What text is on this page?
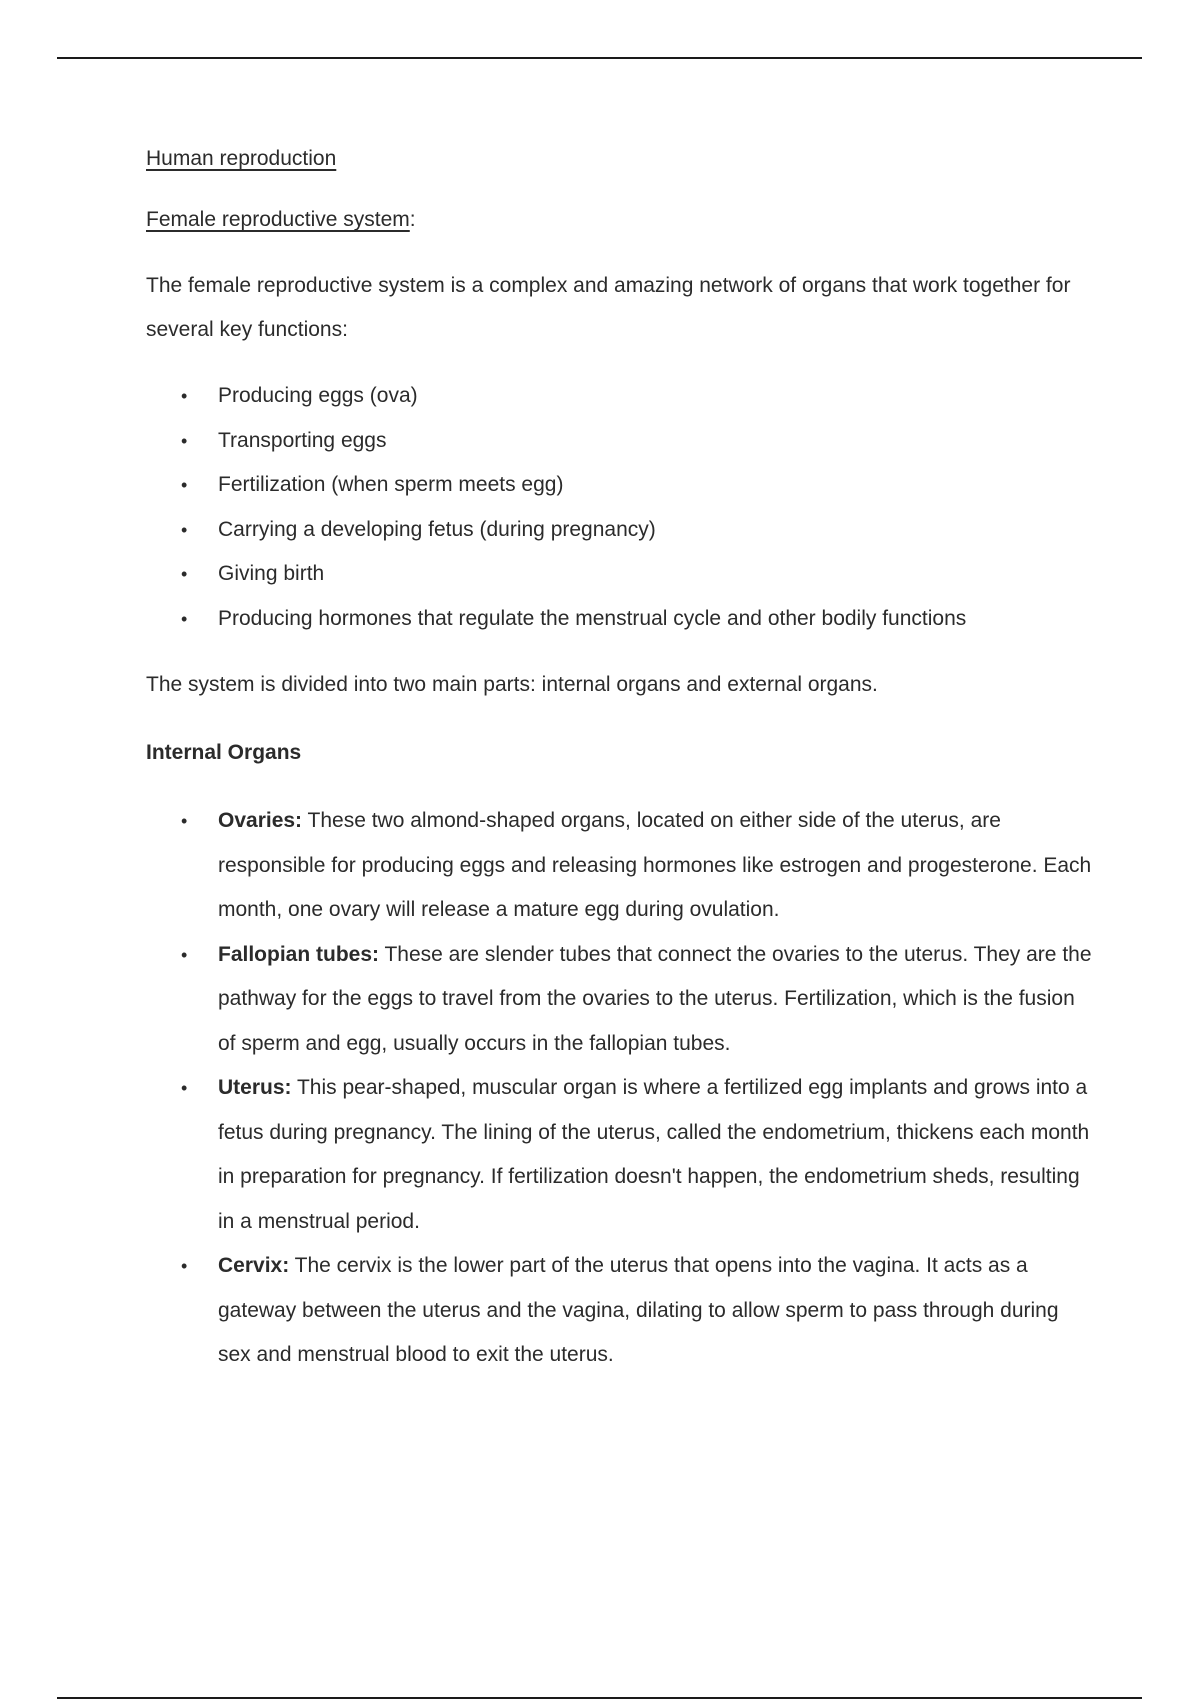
Human reproduction
Female reproductive system:

The female reproductive system is a complex and amazing network of organs that work together for several key functions:

• Producing eggs (ova)
• Transporting eggs
• Fertilization (when sperm meets egg)
• Carrying a developing fetus (during pregnancy)
• Giving birth
• Producing hormones that regulate the menstrual cycle and other bodily functions

The system is divided into two main parts: internal organs and external organs.

Internal Organs
• Ovaries: These two almond-shaped organs, located on either side of the uterus, are responsible for producing eggs and releasing hormones like estrogen and progesterone. Each month, one ovary will release a mature egg during ovulation.
• Fallopian tubes: These are slender tubes that connect the ovaries to the uterus. They are the pathway for the eggs to travel from the ovaries to the uterus. Fertilization, which is the fusion of sperm and egg, usually occurs in the fallopian tubes.
• Uterus: This pear-shaped, muscular organ is where a fertilized egg implants and grows into a fetus during pregnancy. The lining of the uterus, called the endometrium, thickens each month in preparation for pregnancy. If fertilization doesn't happen, the endometrium sheds, resulting in a menstrual period.
• Cervix: The cervix is the lower part of the uterus that opens into the vagina. It acts as a gateway between the uterus and the vagina, dilating to allow sperm to pass through during sex and menstrual blood to exit the uterus.
